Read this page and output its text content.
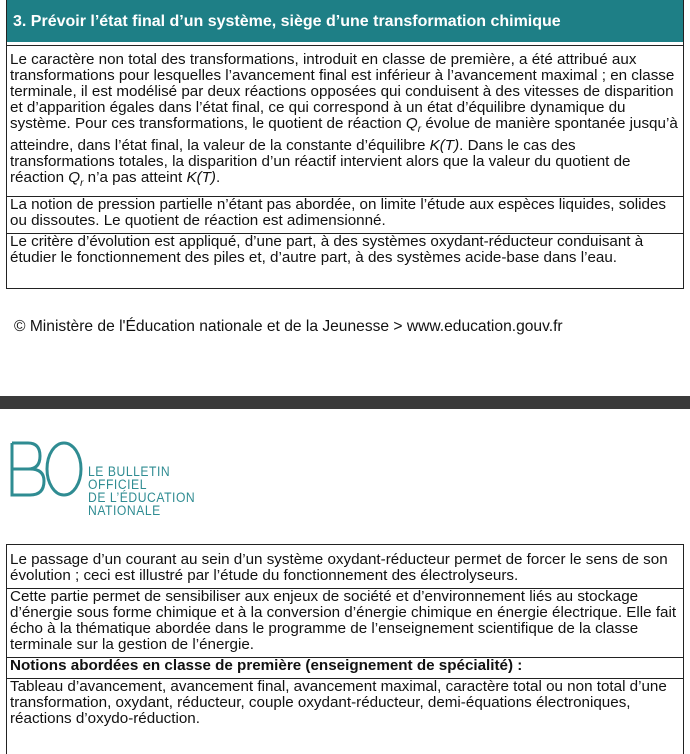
3. Prévoir l’état final d’un système, siège d’une transformation chimique
Le caractère non total des transformations, introduit en classe de première, a été attribué aux transformations pour lesquelles l’avancement final est inférieur à l’avancement maximal ; en classe terminale, il est modélisé par deux réactions opposées qui conduisent à des vitesses de disparition et d’apparition égales dans l’état final, ce qui correspond à un état d’équilibre dynamique du système. Pour ces transformations, le quotient de réaction $Q_r$ évolue de manière spontanée jusqu’à atteindre, dans l’état final, la valeur de la constante d’équilibre K(T). Dans le cas des transformations totales, la disparition d’un réactif intervient alors que la valeur du quotient de réaction $Q_r$ n’a pas atteint K(T).
La notion de pression partielle n’étant pas abordée, on limite l’étude aux espèces liquides, solides ou dissoutes. Le quotient de réaction est adimensionné.
Le critère d’évolution est appliqué, d’une part, à des systèmes oxydant-réducteur conduisant à étudier le fonctionnement des piles et, d’autre part, à des systèmes acide-base dans l’eau.
© Ministère de l'Éducation nationale et de la Jeunesse > www.education.gouv.fr
LE BULLETIN
OFFICIEL
DE L’ÉDUCATION
NATIONALE
Le passage d’un courant au sein d’un système oxydant-réducteur permet de forcer le sens de son évolution ; ceci est illustré par l’étude du fonctionnement des électrolyseurs.
Cette partie permet de sensibiliser aux enjeux de société et d’environnement liés au stockage d’énergie sous forme chimique et à la conversion d’énergie chimique en énergie électrique. Elle fait écho à la thématique abordée dans le programme de l’enseignement scientifique de la classe terminale sur la gestion de l’énergie.
Notions abordées en classe de première (enseignement de spécialité) :
Tableau d’avancement, avancement final, avancement maximal, caractère total ou non total d’une transformation, oxydant, réducteur, couple oxydant-réducteur, demi-équations électroniques, réactions d’oxydo-réduction.
